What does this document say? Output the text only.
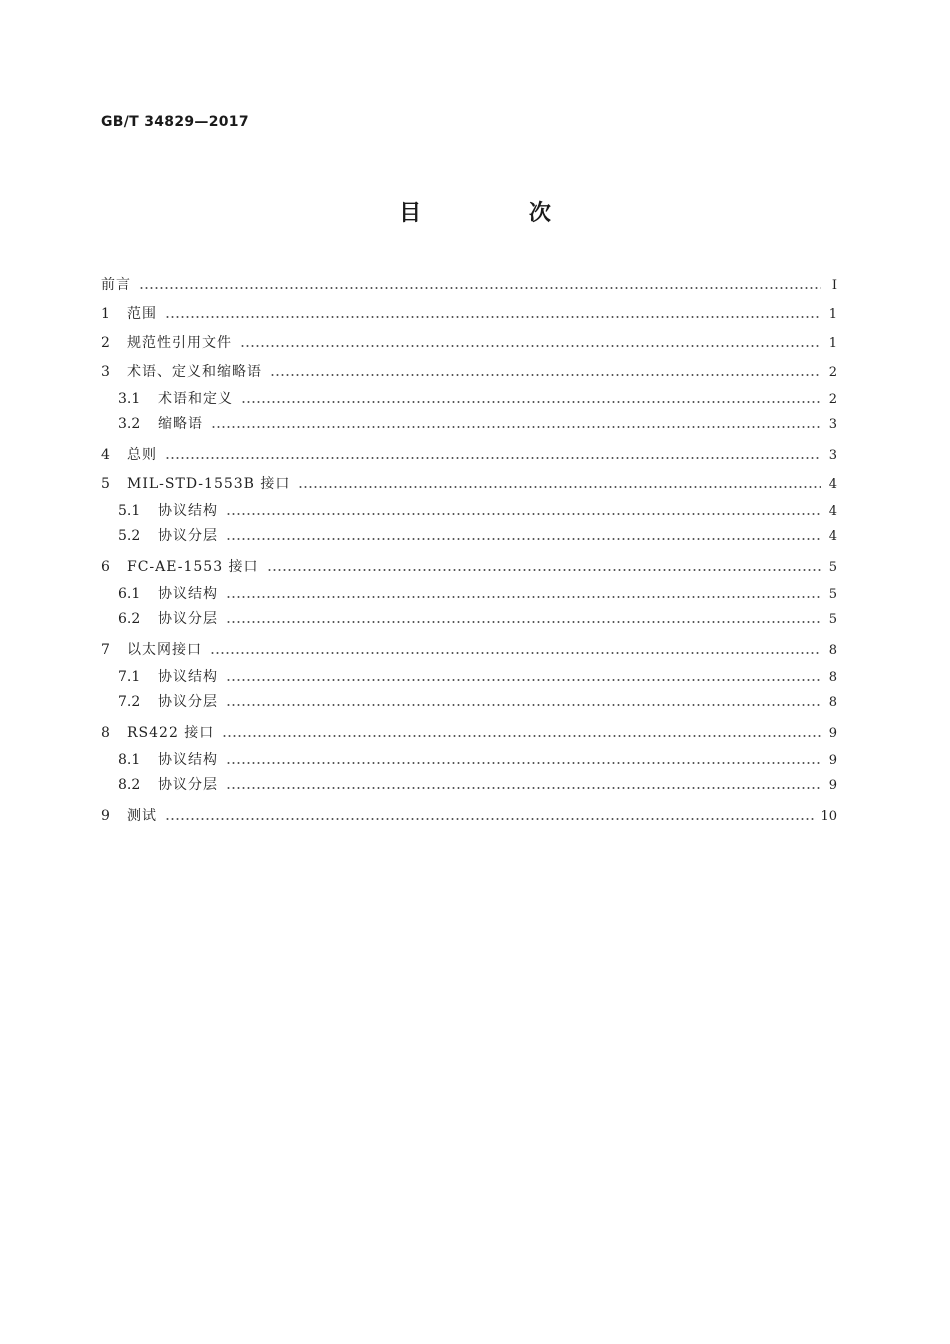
GB/T 34829—2017
目 次
前言	I
1	范围	1
2	规范性引用文件	1
3	术语、定义和缩略语	2
3.1	术语和定义	2
3.2	缩略语	3
4	总则	3
5	MIL-STD-1553B 接口	4
5.1	协议结构	4
5.2	协议分层	4
6	FC-AE-1553 接口	5
6.1	协议结构	5
6.2	协议分层	5
7	以太网接口	8
7.1	协议结构	8
7.2	协议分层	8
8	RS422 接口	9
8.1	协议结构	9
8.2	协议分层	9
9	测试	10
